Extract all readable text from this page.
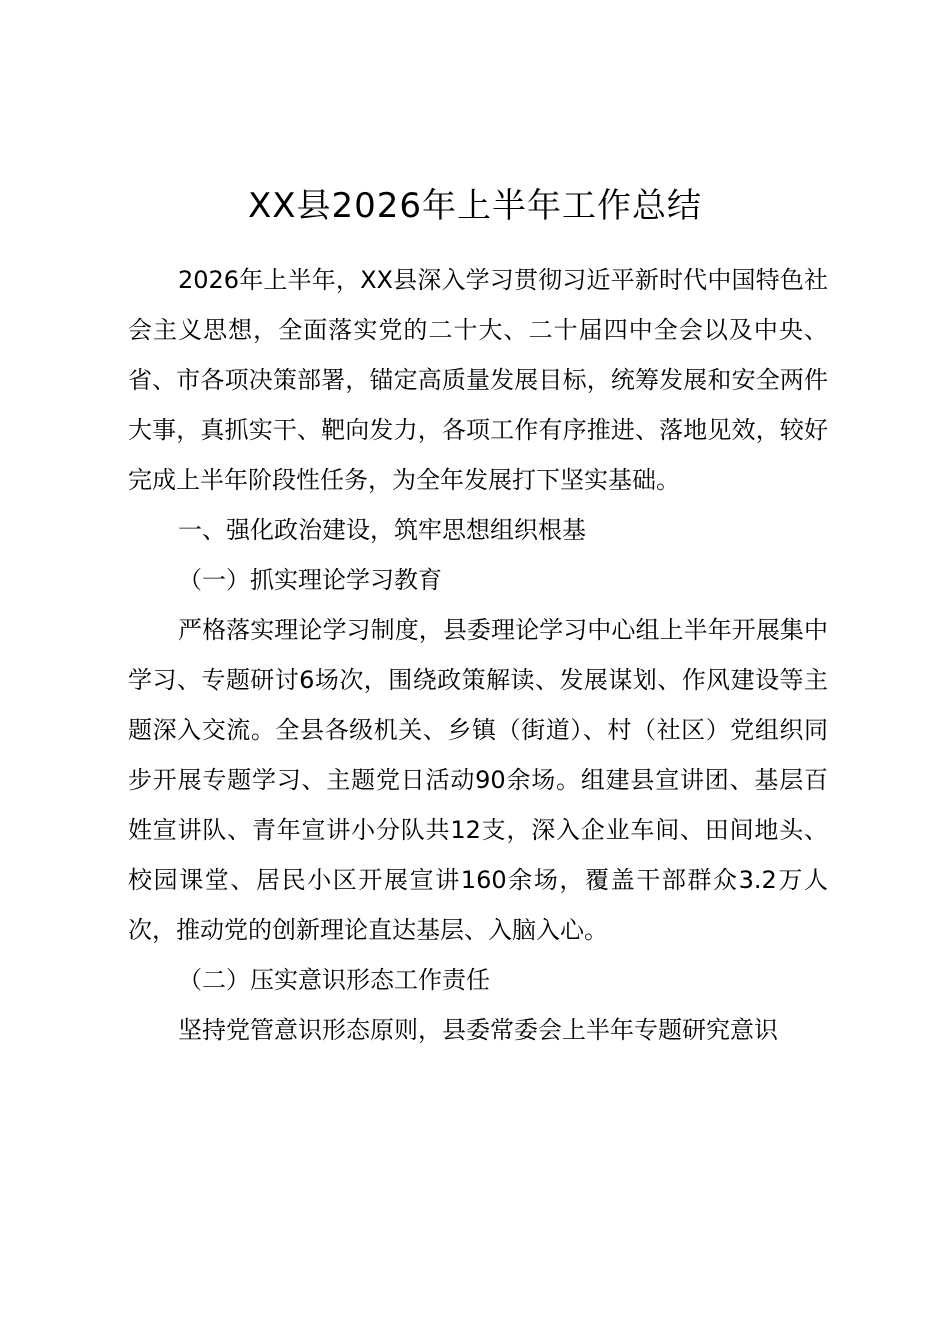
XX县2026年上半年工作总结

2026年上半年，XX县深入学习贯彻习近平新时代中国特色社会主义思想，全面落实党的二十大、二十届四中全会以及中央、省、市各项决策部署，锚定高质量发展目标，统筹发展和安全两件大事，真抓实干、靶向发力，各项工作有序推进、落地见效，较好完成上半年阶段性任务，为全年发展打下坚实基础。

一、强化政治建设，筑牢思想组织根基

（一）抓实理论学习教育

严格落实理论学习制度，县委理论学习中心组上半年开展集中学习、专题研讨6场次，围绕政策解读、发展谋划、作风建设等主题深入交流。全县各级机关、乡镇（街道）、村（社区）党组织同步开展专题学习、主题党日活动90余场。组建县宣讲团、基层百姓宣讲队、青年宣讲小分队共12支，深入企业车间、田间地头、校园课堂、居民小区开展宣讲160余场，覆盖干部群众3.2万人次，推动党的创新理论直达基层、入脑入心。

（二）压实意识形态工作责任

坚持党管意识形态原则，县委常委会上半年专题研究意识
